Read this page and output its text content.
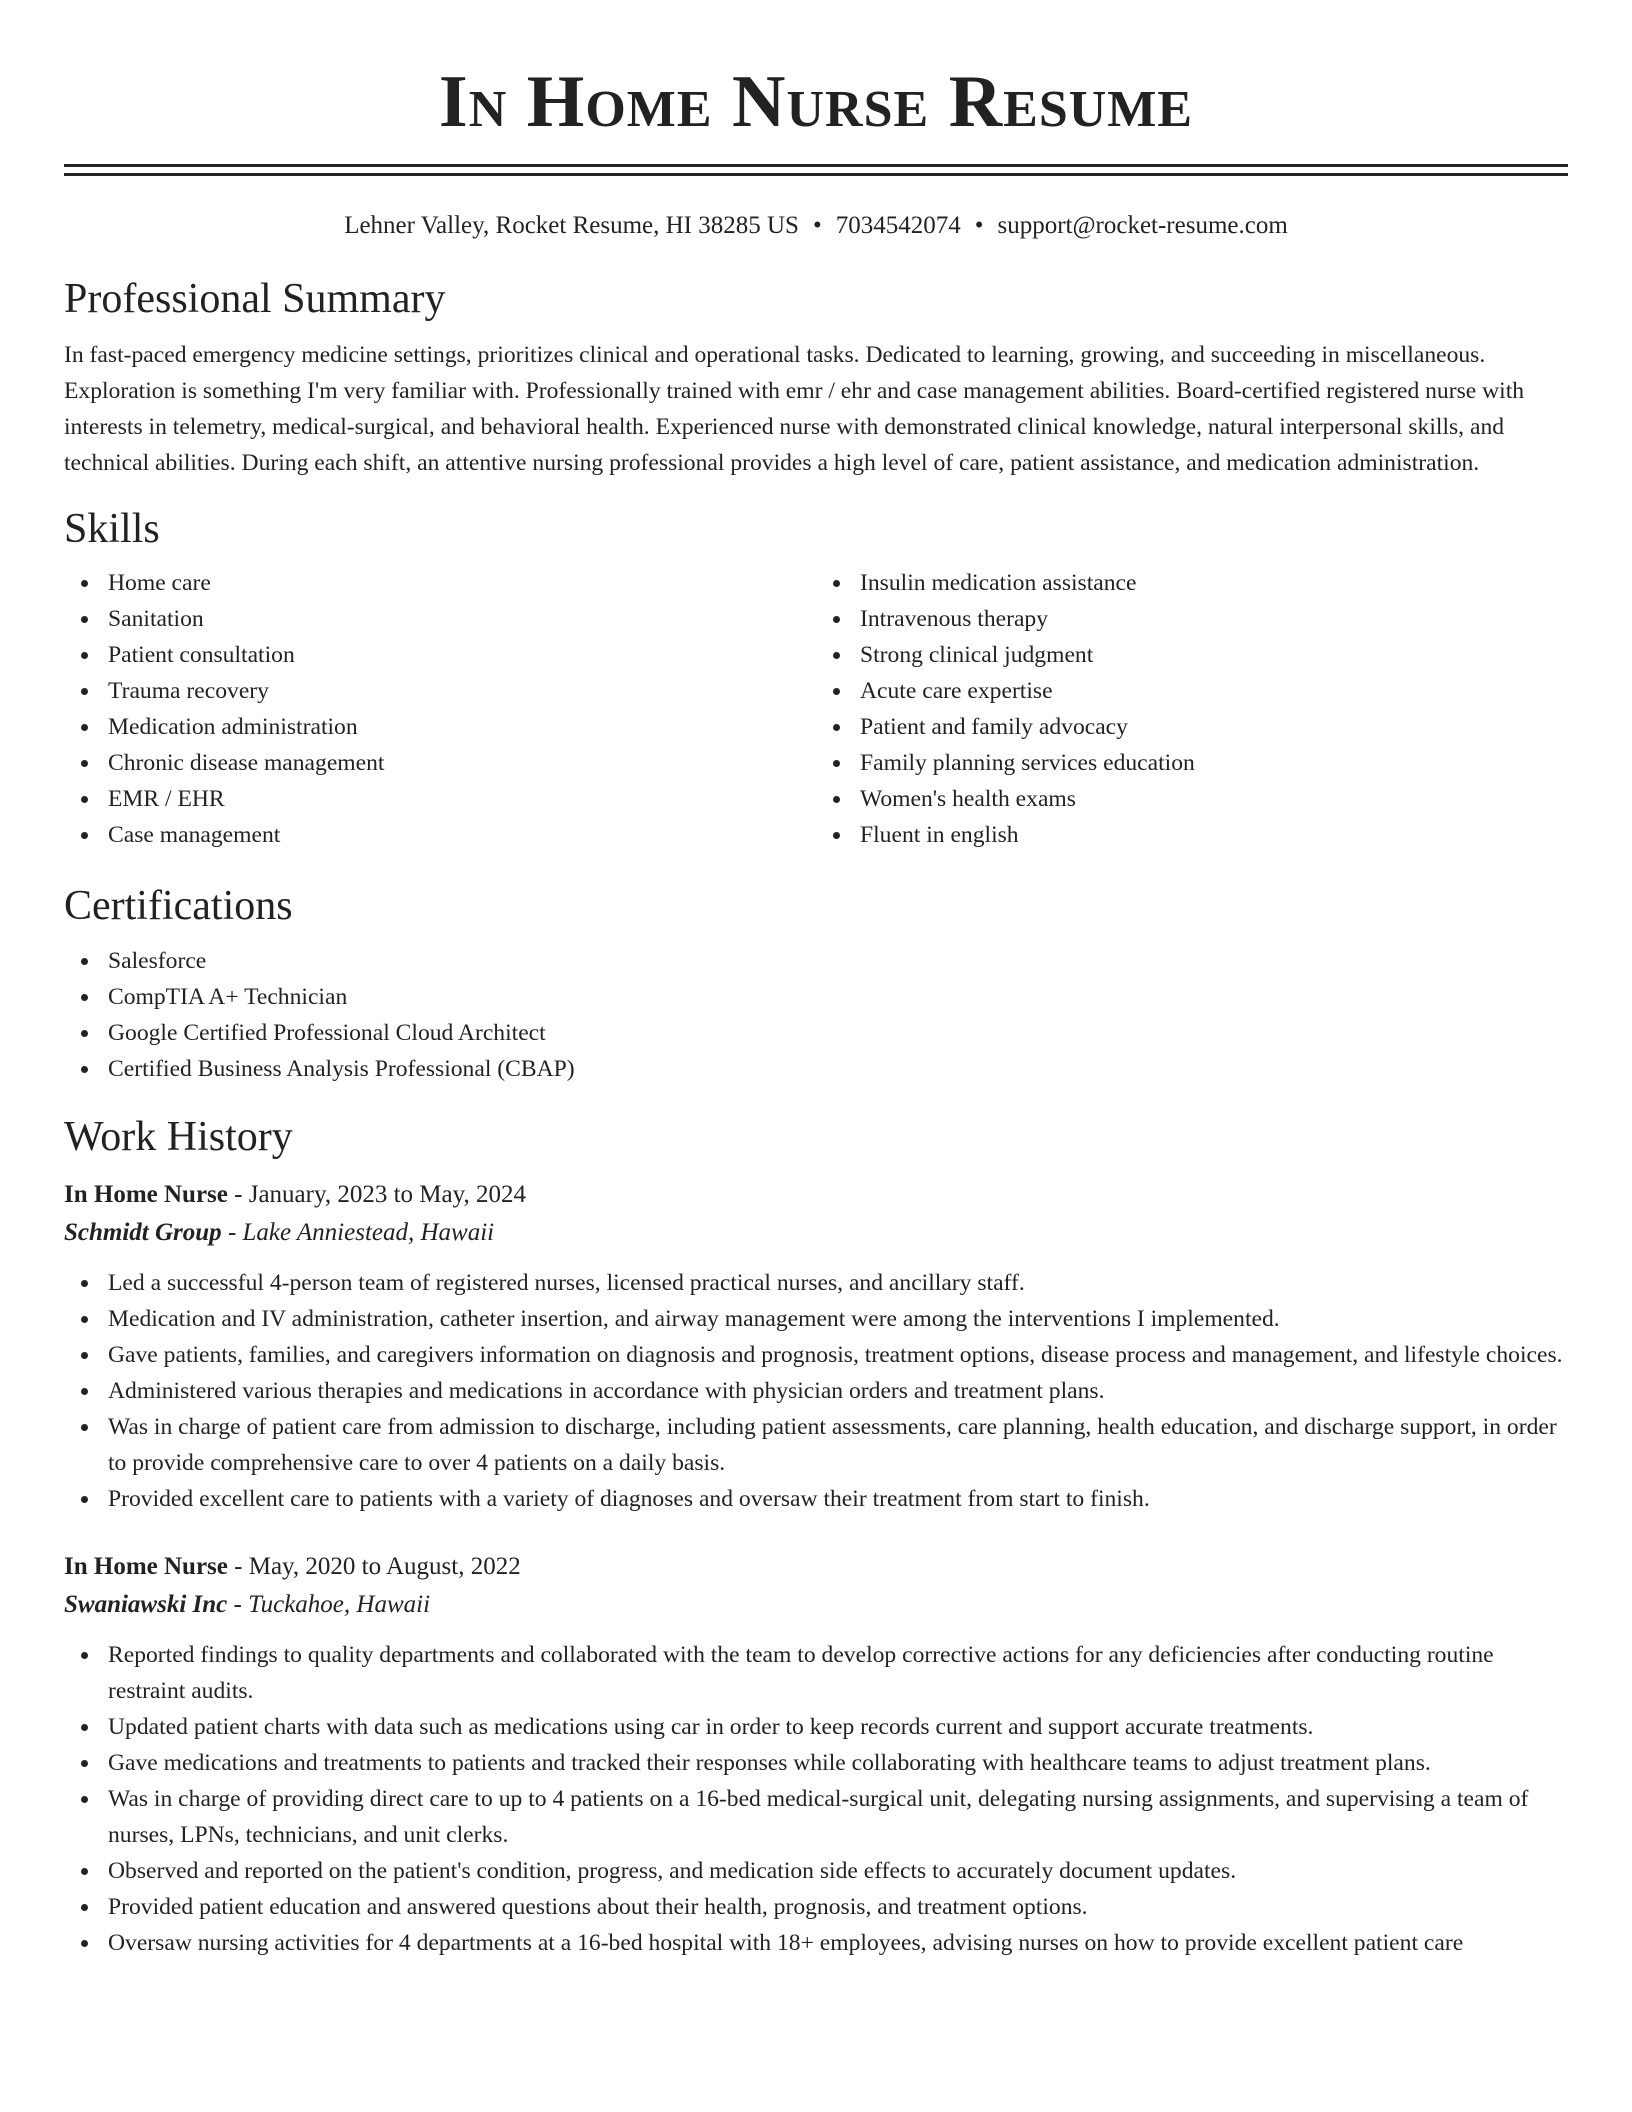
In Home Nurse Resume
Lehner Valley, Rocket Resume, HI 38285 US • 7034542074 • support@rocket-resume.com
Professional Summary

In fast-paced emergency medicine settings, prioritizes clinical and operational tasks. Dedicated to learning, growing, and succeeding in miscellaneous. Exploration is something I'm very familiar with. Professionally trained with emr / ehr and case management abilities. Board-certified registered nurse with interests in telemetry, medical-surgical, and behavioral health. Experienced nurse with demonstrated clinical knowledge, natural interpersonal skills, and technical abilities. During each shift, an attentive nursing professional provides a high level of care, patient assistance, and medication administration.

Skills
Home care
Sanitation
Patient consultation
Trauma recovery
Medication administration
Chronic disease management
EMR / EHR
Case management
Insulin medication assistance
Intravenous therapy
Strong clinical judgment
Acute care expertise
Patient and family advocacy
Family planning services education
Women's health exams
Fluent in english
Certifications
Salesforce
CompTIA A+ Technician
Google Certified Professional Cloud Architect
Certified Business Analysis Professional (CBAP)
Work History
In Home Nurse - January, 2023 to May, 2024
Schmidt Group - Lake Anniestead, Hawaii
Led a successful 4-person team of registered nurses, licensed practical nurses, and ancillary staff.
Medication and IV administration, catheter insertion, and airway management were among the interventions I implemented.
Gave patients, families, and caregivers information on diagnosis and prognosis, treatment options, disease process and management, and lifestyle choices.
Administered various therapies and medications in accordance with physician orders and treatment plans.
Was in charge of patient care from admission to discharge, including patient assessments, care planning, health education, and discharge support, in order to provide comprehensive care to over 4 patients on a daily basis.
Provided excellent care to patients with a variety of diagnoses and oversaw their treatment from start to finish.
In Home Nurse - May, 2020 to August, 2022
Swaniawski Inc - Tuckahoe, Hawaii
Reported findings to quality departments and collaborated with the team to develop corrective actions for any deficiencies after conducting routine restraint audits.
Updated patient charts with data such as medications using car in order to keep records current and support accurate treatments.
Gave medications and treatments to patients and tracked their responses while collaborating with healthcare teams to adjust treatment plans.
Was in charge of providing direct care to up to 4 patients on a 16-bed medical-surgical unit, delegating nursing assignments, and supervising a team of nurses, LPNs, technicians, and unit clerks.
Observed and reported on the patient's condition, progress, and medication side effects to accurately document updates.
Provided patient education and answered questions about their health, prognosis, and treatment options.
Oversaw nursing activities for 4 departments at a 16-bed hospital with 18+ employees, advising nurses on how to provide excellent patient care
